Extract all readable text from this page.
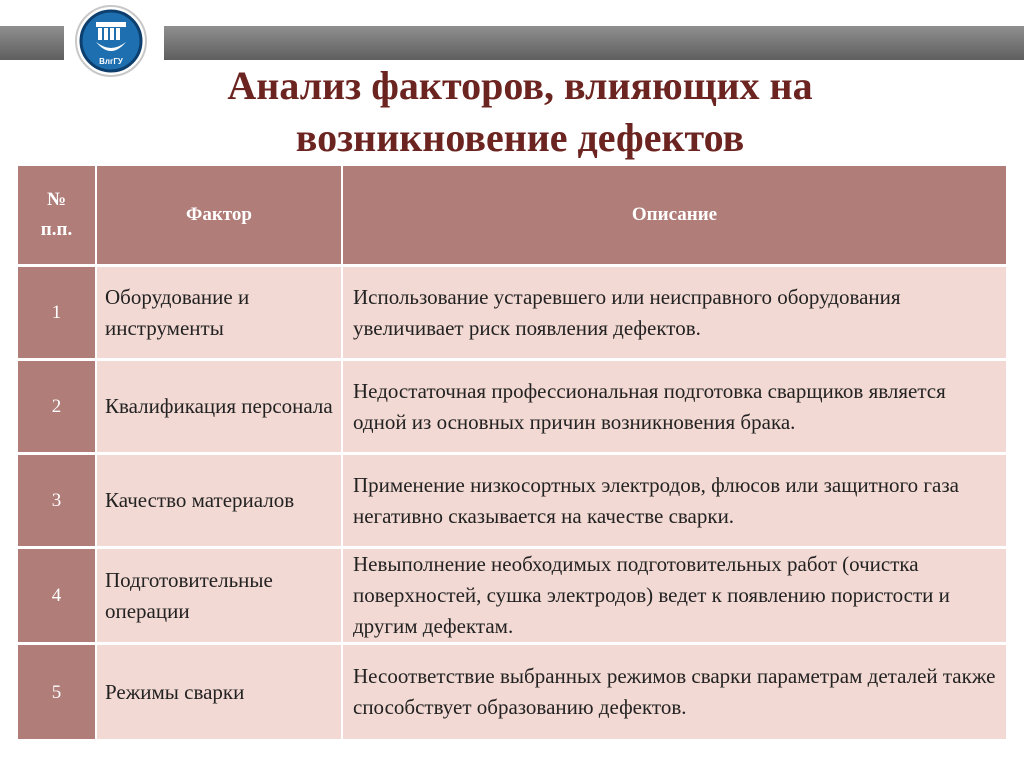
ВлгГУ
Анализ факторов, влияющих на
возникновение дефектов
№
п.п.	Фактор	Описание
1	Оборудование и инструменты	Использование устаревшего или неисправного оборудования увеличивает риск появления дефектов.
2	Квалификация персонала	Недостаточная профессиональная подготовка сварщиков является одной из основных причин возникновения брака.
3	Качество материалов	Применение низкосортных электродов, флюсов или защитного газа негативно сказывается на качестве сварки.
4	Подготовительные операции	Невыполнение необходимых подготовительных работ (очистка поверхностей, сушка электродов) ведет к появлению пористости и другим дефектам.
5	Режимы сварки	Несоответствие выбранных режимов сварки параметрам деталей также способствует образованию дефектов.
